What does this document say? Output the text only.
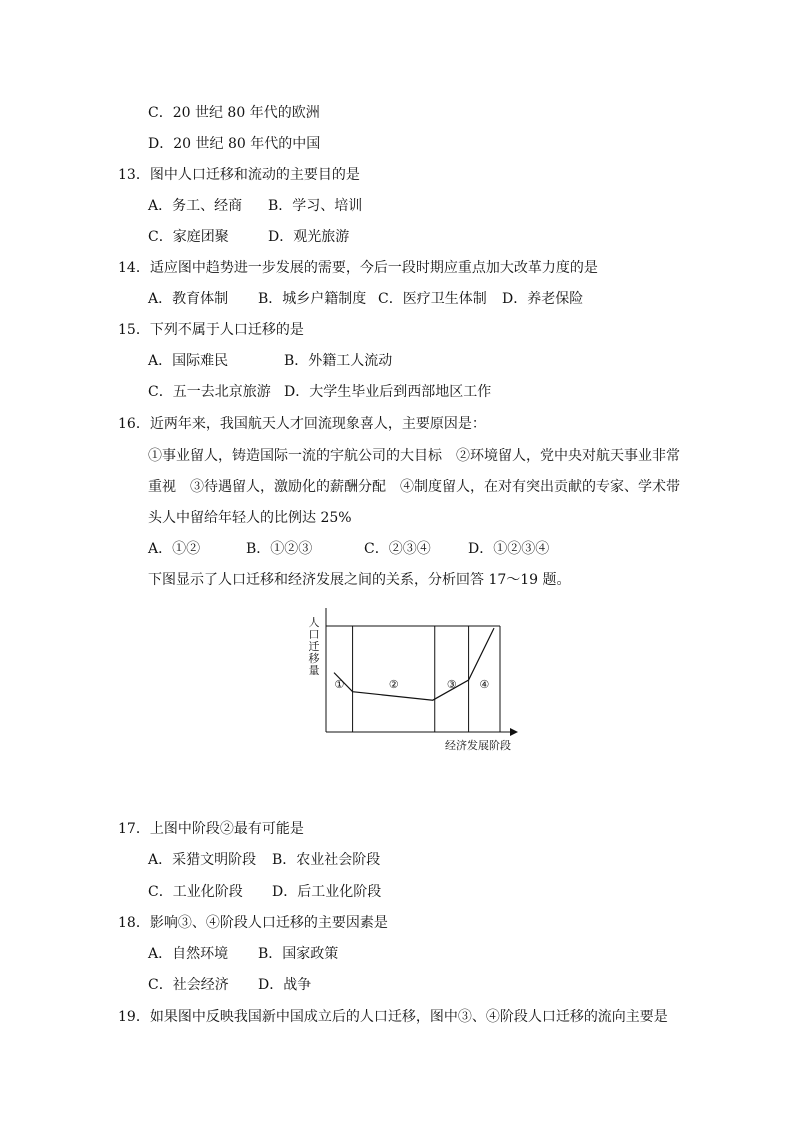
C．20 世纪 80 年代的欧洲
D．20 世纪 80 年代的中国
13．图中人口迁移和流动的主要目的是
A．务工、经商 B．学习、培训
C．家庭团聚	D．观光旅游
14．适应图中趋势进一步发展的需要，今后一段时期应重点加大改革力度的是
A．教育体制 B．城乡户籍制度 C．医疗卫生体制 D．养老保险
15．下列不属于人口迁移的是
A．国际难民	B．外籍工人流动
C．五一去北京旅游 D．大学生毕业后到西部地区工作
16．近两年来，我国航天人才回流现象喜人，主要原因是：
①事业留人，铸造国际一流的宇航公司的大目标　②环境留人，党中央对航天事业非常
重视　③待遇留人，激励化的薪酬分配　④制度留人，在对有突出贡献的专家、学术带
头人中留给年轻人的比例达 25%
A．①②	B．①②③	C．②③④	D．①②③④
下图显示了人口迁移和经济发展之间的关系，分析回答 17～19 题。
人
口
迁
移
量
①	②	③ ④
经济发展阶段
17．上图中阶段②最有可能是
A．采猎文明阶段 B．农业社会阶段
C．工业化阶段 D．后工业化阶段
18．影响③、④阶段人口迁移的主要因素是
A．自然环境 B．国家政策
C．社会经济 D．战争
19．如果图中反映我国新中国成立后的人口迁移，图中③、④阶段人口迁移的流向主要是
